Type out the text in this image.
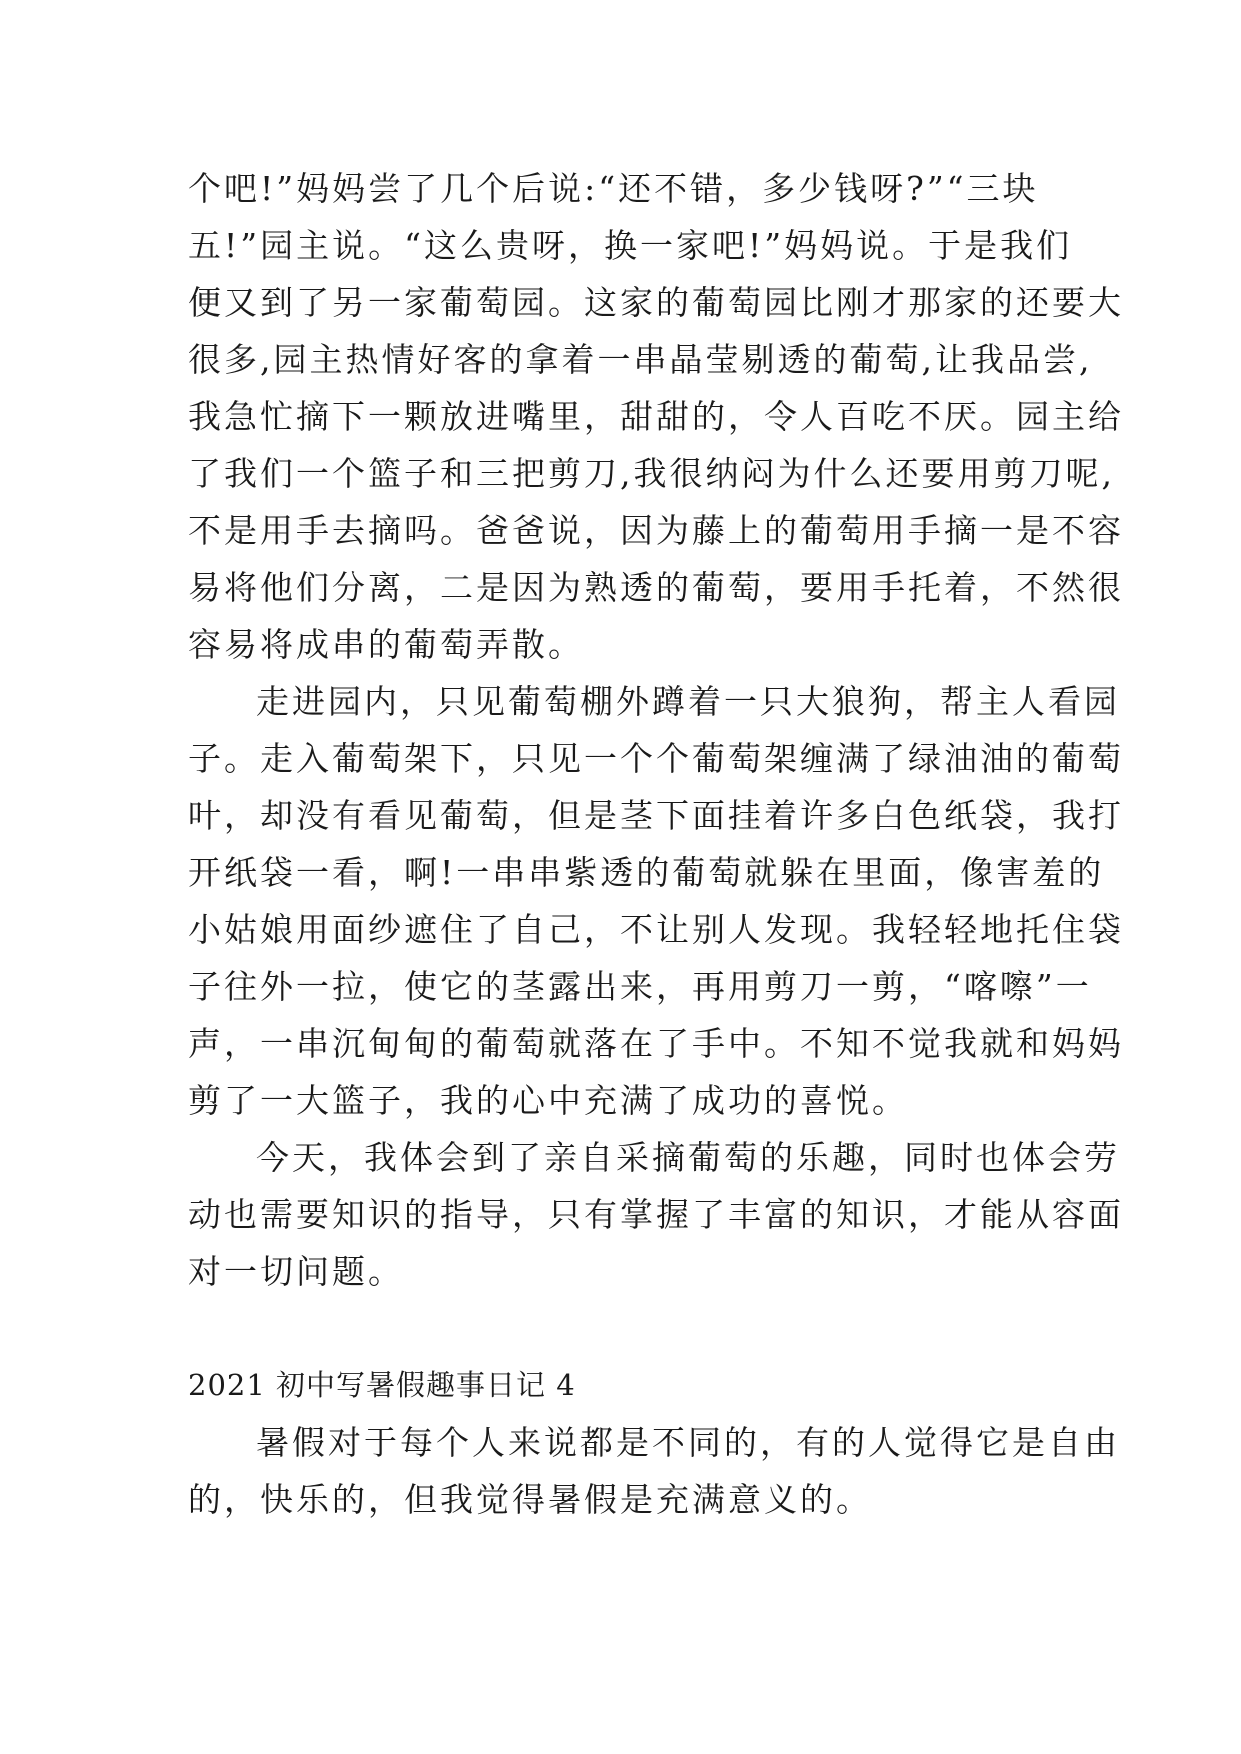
个吧!”妈妈尝了几个后说:“还不错，多少钱呀?”“三块
五!”园主说。“这么贵呀，换一家吧!”妈妈说。于是我们
便又到了另一家葡萄园。这家的葡萄园比刚才那家的还要大
很多,园主热情好客的拿着一串晶莹剔透的葡萄,让我品尝,
我急忙摘下一颗放进嘴里，甜甜的，令人百吃不厌。园主给
了我们一个篮子和三把剪刀,我很纳闷为什么还要用剪刀呢,
不是用手去摘吗。爸爸说，因为藤上的葡萄用手摘一是不容
易将他们分离，二是因为熟透的葡萄，要用手托着，不然很
容易将成串的葡萄弄散。
走进园内，只见葡萄棚外蹲着一只大狼狗，帮主人看园
子。走入葡萄架下，只见一个个葡萄架缠满了绿油油的葡萄
叶，却没有看见葡萄，但是茎下面挂着许多白色纸袋，我打
开纸袋一看，啊!一串串紫透的葡萄就躲在里面，像害羞的
小姑娘用面纱遮住了自己，不让别人发现。我轻轻地托住袋
子往外一拉，使它的茎露出来，再用剪刀一剪，“喀嚓”一
声，一串沉甸甸的葡萄就落在了手中。不知不觉我就和妈妈
剪了一大篮子，我的心中充满了成功的喜悦。
今天，我体会到了亲自采摘葡萄的乐趣，同时也体会劳
动也需要知识的指导，只有掌握了丰富的知识，才能从容面
对一切问题。
2021 初中写暑假趣事日记 4
暑假对于每个人来说都是不同的，有的人觉得它是自由
的，快乐的，但我觉得暑假是充满意义的。
